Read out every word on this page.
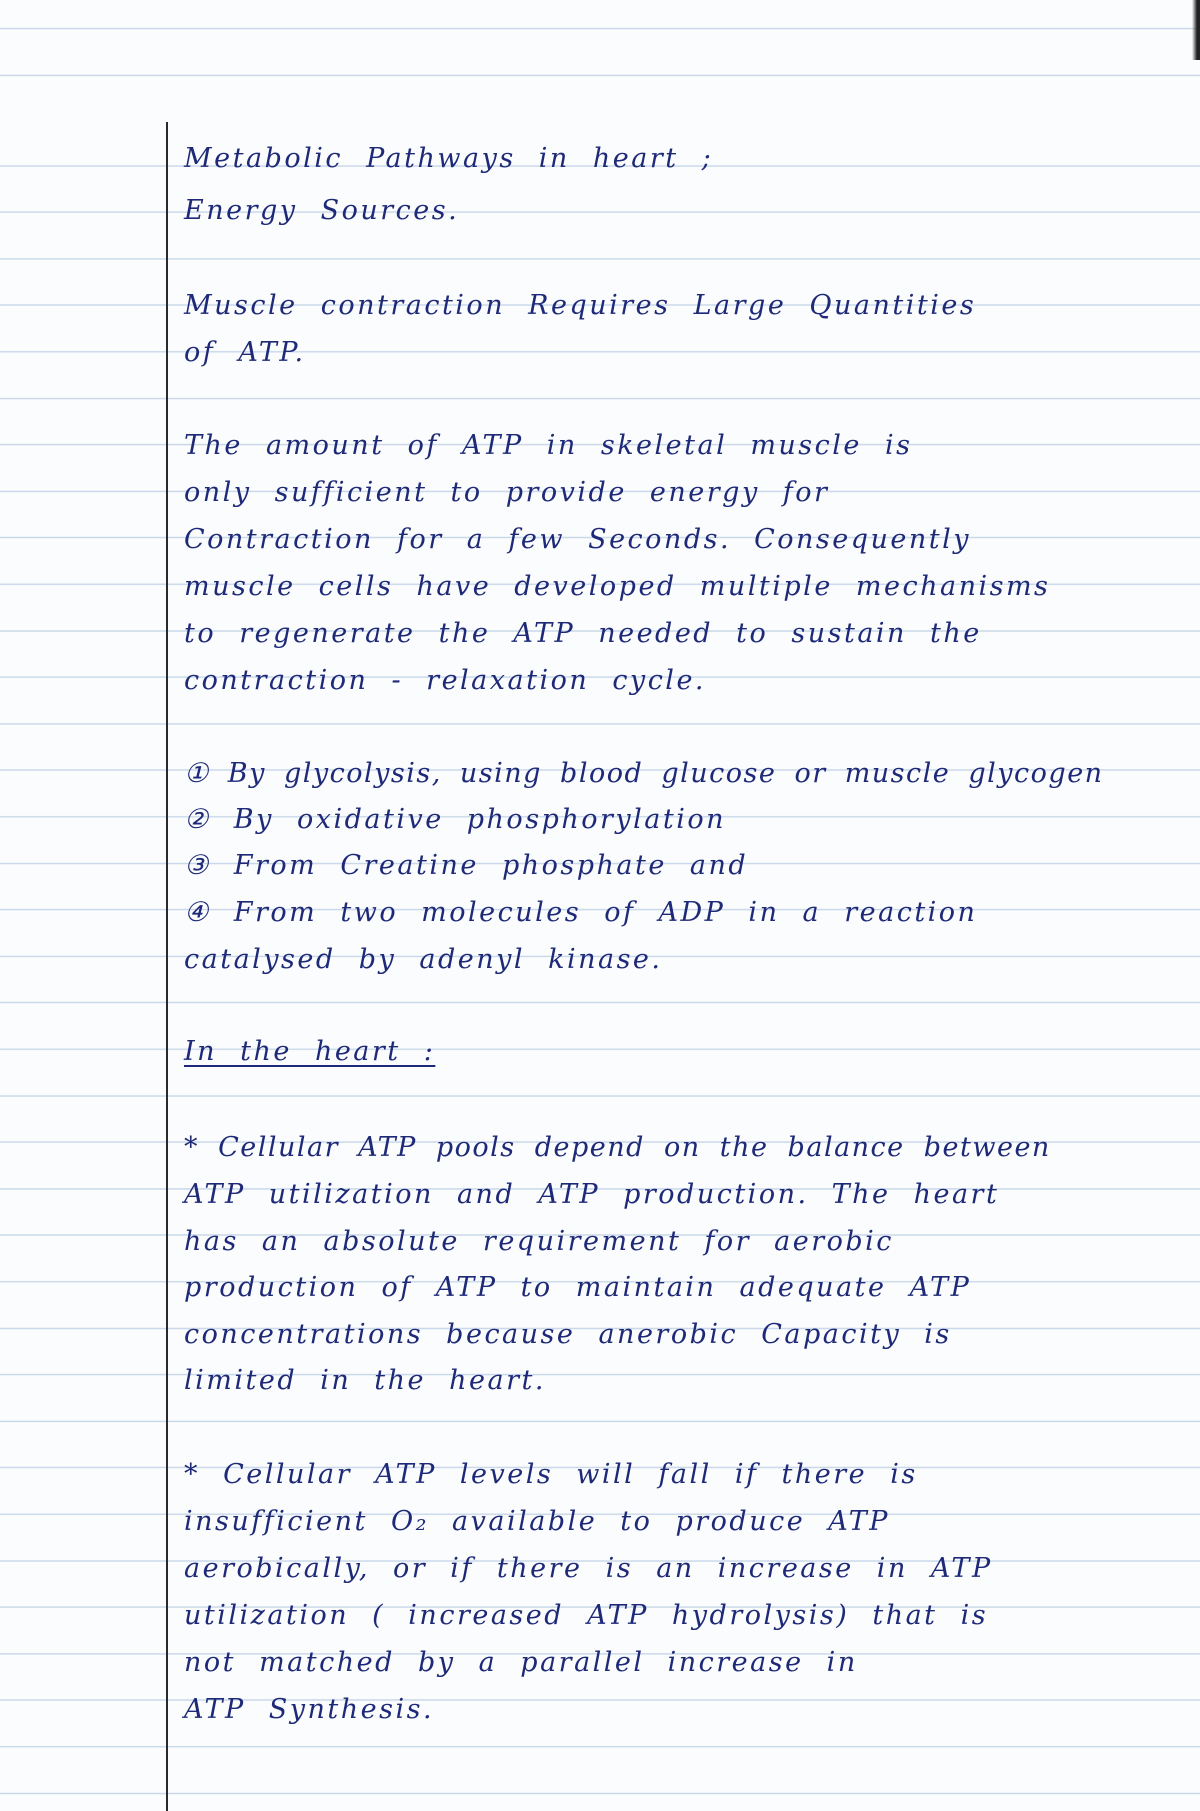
Metabolic Pathways in heart ;
Energy Sources.
Muscle contraction Requires Large Quantities
of ATP.
The amount of ATP in skeletal muscle is
only sufficient to provide energy for
Contraction for a few Seconds. Consequently
muscle cells have developed multiple mechanisms
to regenerate the ATP needed to sustain the
contraction - relaxation cycle.
① By glycolysis, using blood glucose or muscle glycogen
② By oxidative phosphorylation
③ From Creatine phosphate and
④ From two molecules of ADP in a reaction
catalysed by adenyl kinase.
In the heart :
* Cellular ATP pools depend on the balance between
ATP utilization and ATP production. The heart
has an absolute requirement for aerobic
production of ATP to maintain adequate ATP
concentrations because anerobic Capacity is
limited in the heart.
* Cellular ATP levels will fall if there is
insufficient O₂ available to produce ATP
aerobically, or if there is an increase in ATP
utilization ( increased ATP hydrolysis) that is
not matched by a parallel increase in
ATP Synthesis.
